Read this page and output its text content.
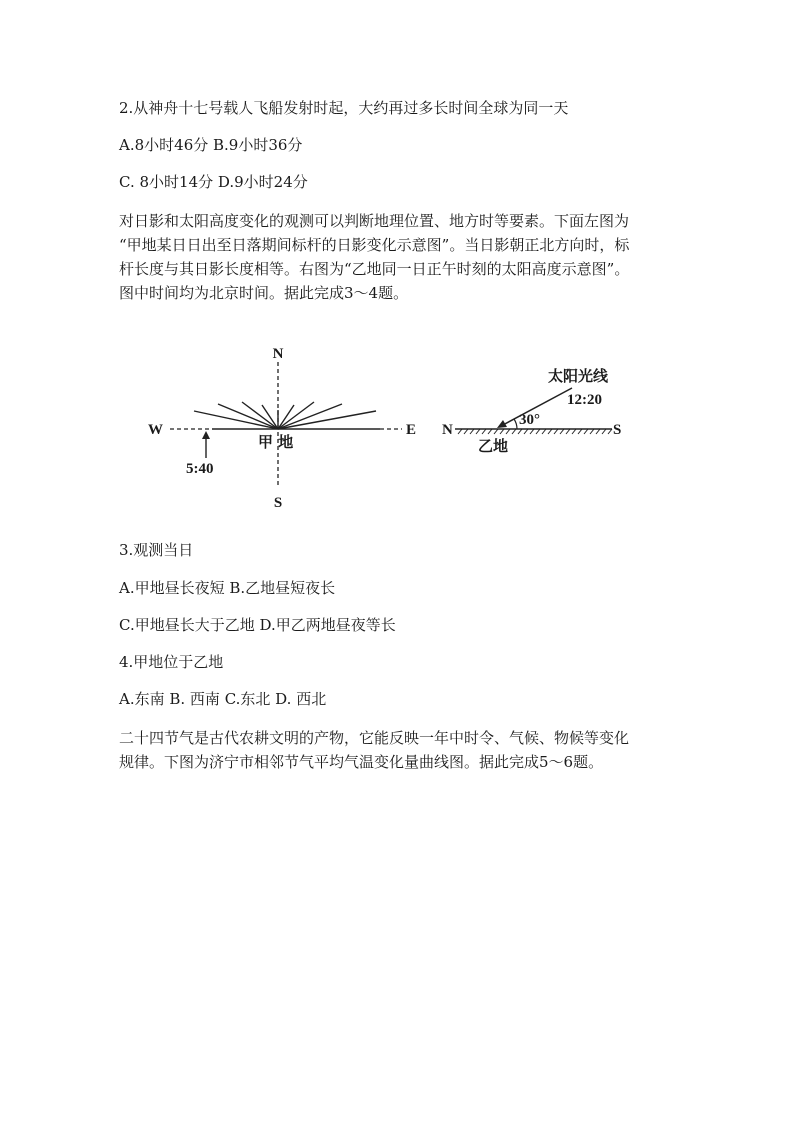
2.从神舟十七号载人飞船发射时起，大约再过多长时间全球为同一天
A.8小时46分 B.9小时36分
C. 8小时14分 D.9小时24分
对日影和太阳高度变化的观测可以判断地理位置、地方时等要素。下面左图为
“甲地某日日出至日落期间标杆的日影变化示意图”。当日影朝正北方向时，标
杆长度与其日影长度相等。右图为“乙地同一日正午时刻的太阳高度示意图”。
图中时间均为北京时间。据此完成3～4题。
N
S
W	E
甲 地
5:40
N	S
太阳光线
12:20
30°
乙地
3.观测当日
A.甲地昼长夜短 B.乙地昼短夜长
C.甲地昼长大于乙地 D.甲乙两地昼夜等长
4.甲地位于乙地
A.东南 B. 西南 C.东北 D. 西北
二十四节气是古代农耕文明的产物，它能反映一年中时令、气候、物候等变化
规律。下图为济宁市相邻节气平均气温变化量曲线图。据此完成5～6题。
